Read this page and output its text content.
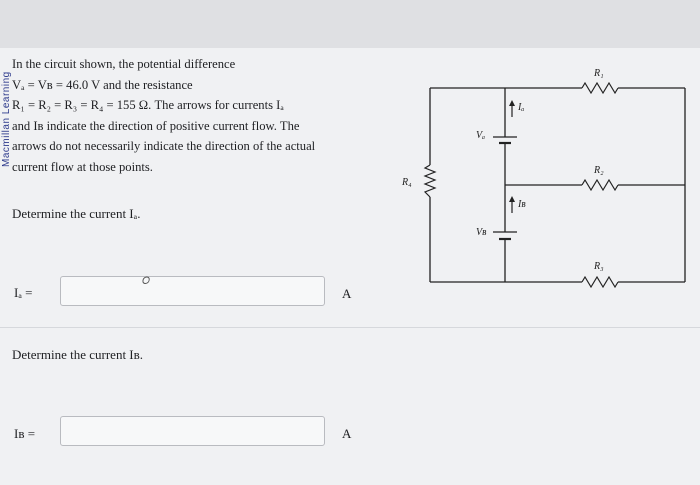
Macmillan Learning
In the circuit shown, the potential difference
Vₐ = Vʙ = 46.0 V and the resistance
R₁ = R₂ = R₃ = R₄ = 155 Ω. The arrows for currents Iₐ
and Iʙ indicate the direction of positive current flow. The
arrows do not necessarily indicate the direction of the actual
current flow at those points.
Determine the current Iₐ.
Iₐ =
𝛰
A
Determine the current Iʙ.
Iʙ =	A
R₁
R₂
R₃
R₄
Vₐ
Vʙ
Iₐ
Iʙ
